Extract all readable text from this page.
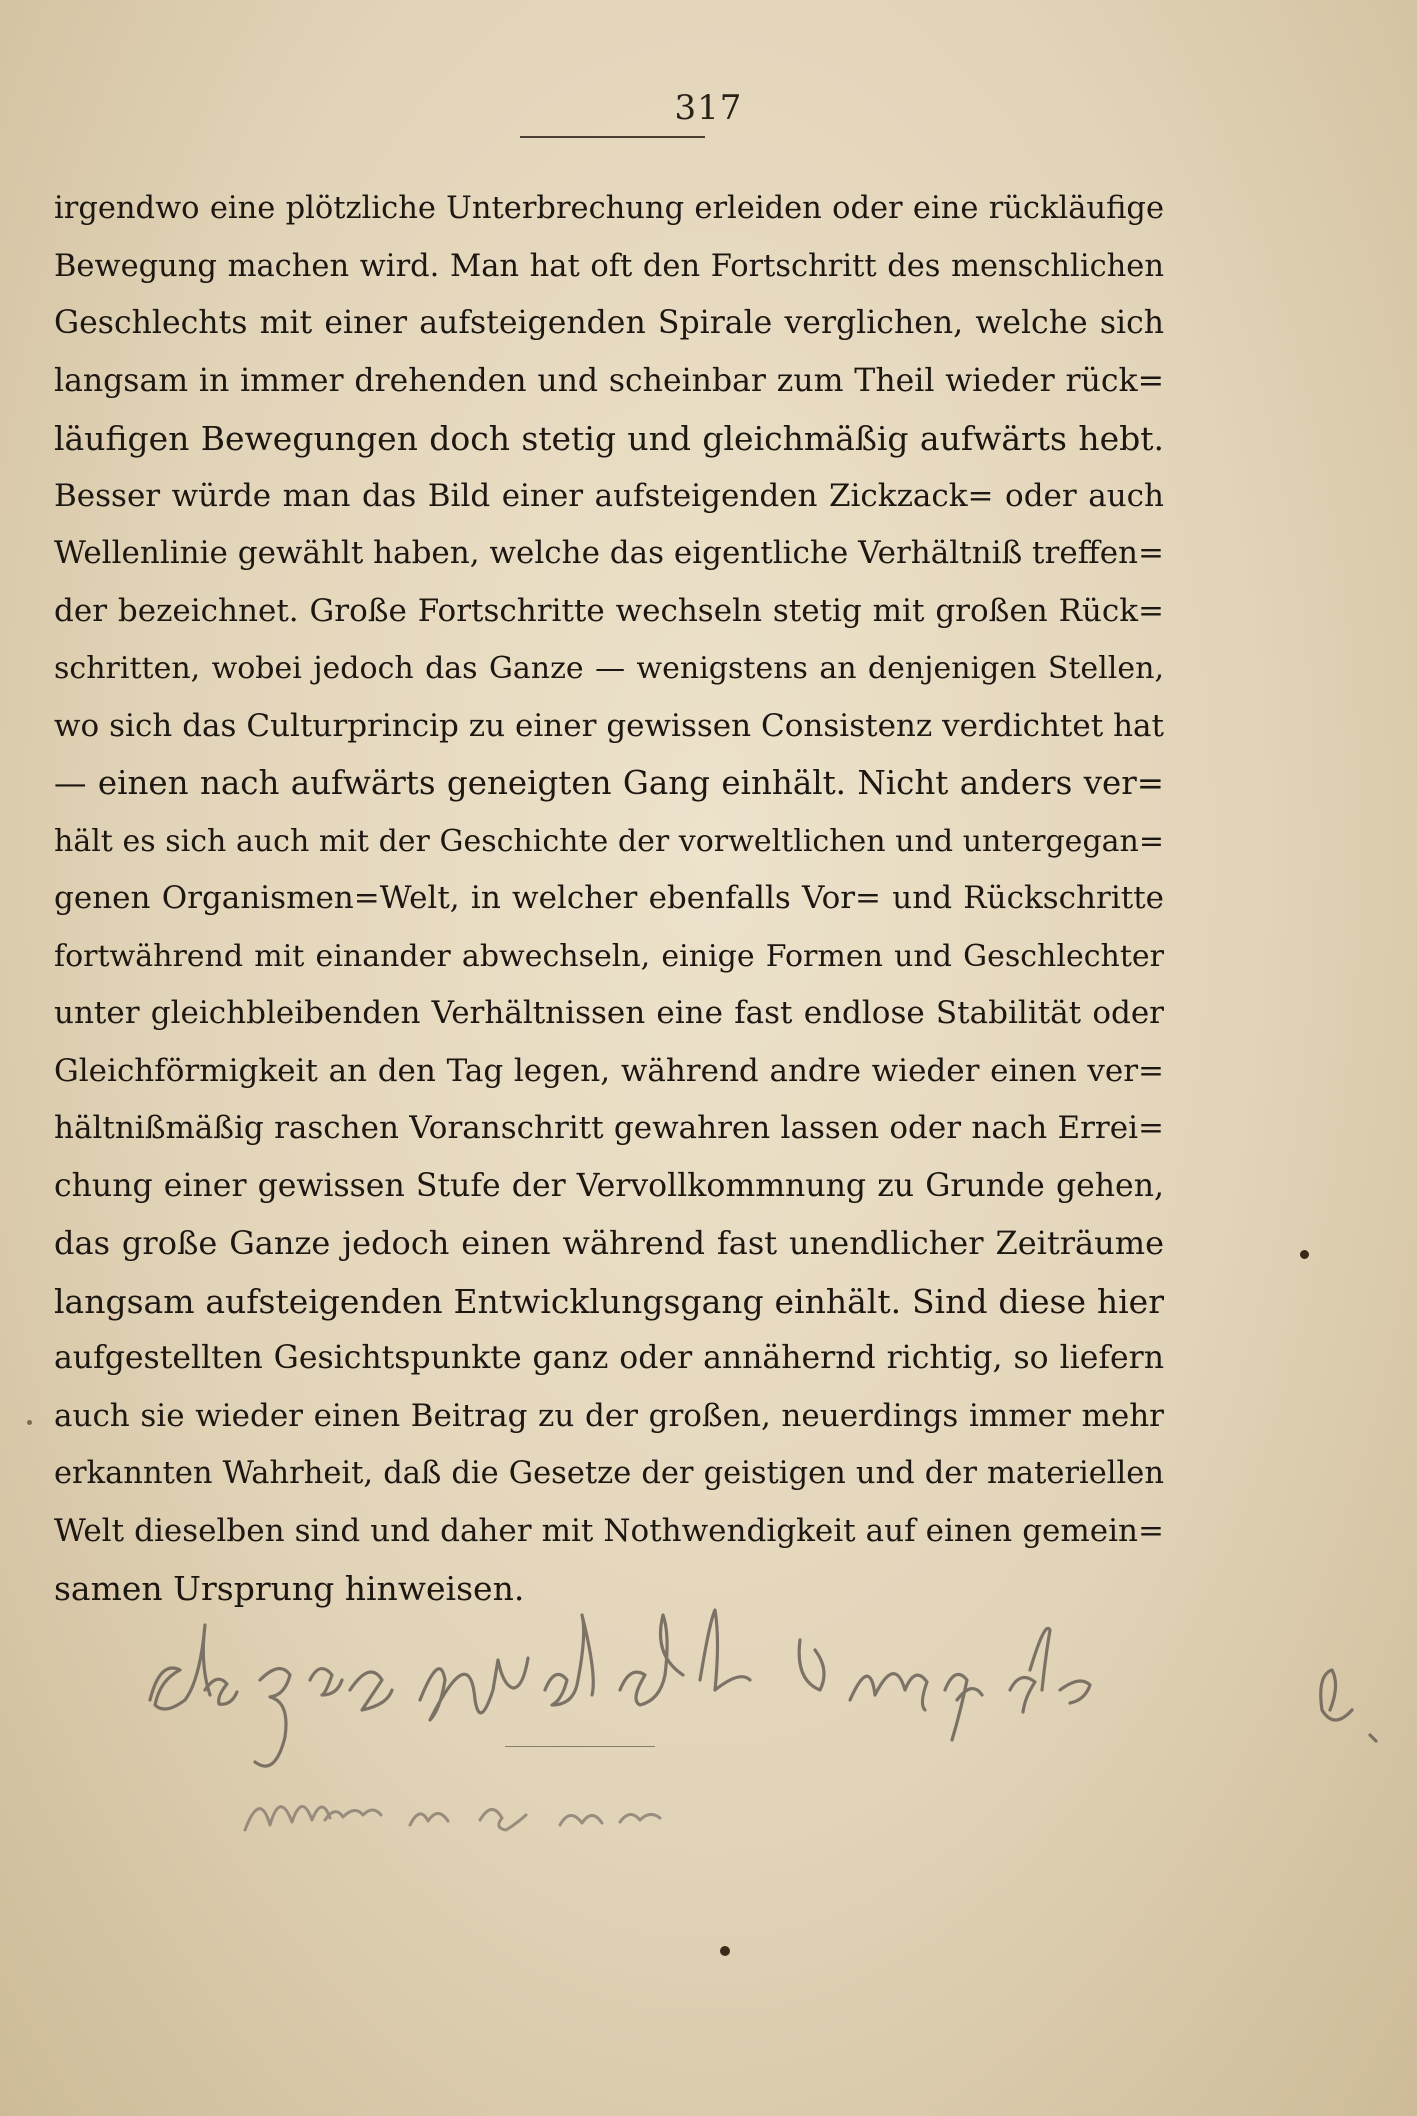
317
irgendwo eine plötzliche Unterbrechung erleiden oder eine rückläufige
Bewegung machen wird. Man hat oft den Fortschritt des menschlichen
Geschlechts mit einer aufsteigenden Spirale verglichen, welche sich
langsam in immer drehenden und scheinbar zum Theil wieder rück=
läufigen Bewegungen doch stetig und gleichmäßig aufwärts hebt.
Besser würde man das Bild einer aufsteigenden Zickzack= oder auch
Wellenlinie gewählt haben, welche das eigentliche Verhältniß treffen=
der bezeichnet. Große Fortschritte wechseln stetig mit großen Rück=
schritten, wobei jedoch das Ganze — wenigstens an denjenigen Stellen,
wo sich das Culturprincip zu einer gewissen Consistenz verdichtet hat
— einen nach aufwärts geneigten Gang einhält. Nicht anders ver=
hält es sich auch mit der Geschichte der vorweltlichen und untergegan=
genen Organismen=Welt, in welcher ebenfalls Vor= und Rückschritte
fortwährend mit einander abwechseln, einige Formen und Geschlechter
unter gleichbleibenden Verhältnissen eine fast endlose Stabilität oder
Gleichförmigkeit an den Tag legen, während andre wieder einen ver=
hältnißmäßig raschen Voranschritt gewahren lassen oder nach Errei=
chung einer gewissen Stufe der Vervollkommnung zu Grunde gehen,
das große Ganze jedoch einen während fast unendlicher Zeiträume
langsam aufsteigenden Entwicklungsgang einhält. Sind diese hier
aufgestellten Gesichtspunkte ganz oder annähernd richtig, so liefern
auch sie wieder einen Beitrag zu der großen, neuerdings immer mehr
erkannten Wahrheit, daß die Gesetze der geistigen und der materiellen
Welt dieselben sind und daher mit Nothwendigkeit auf einen gemein=
samen Ursprung hinweisen.
